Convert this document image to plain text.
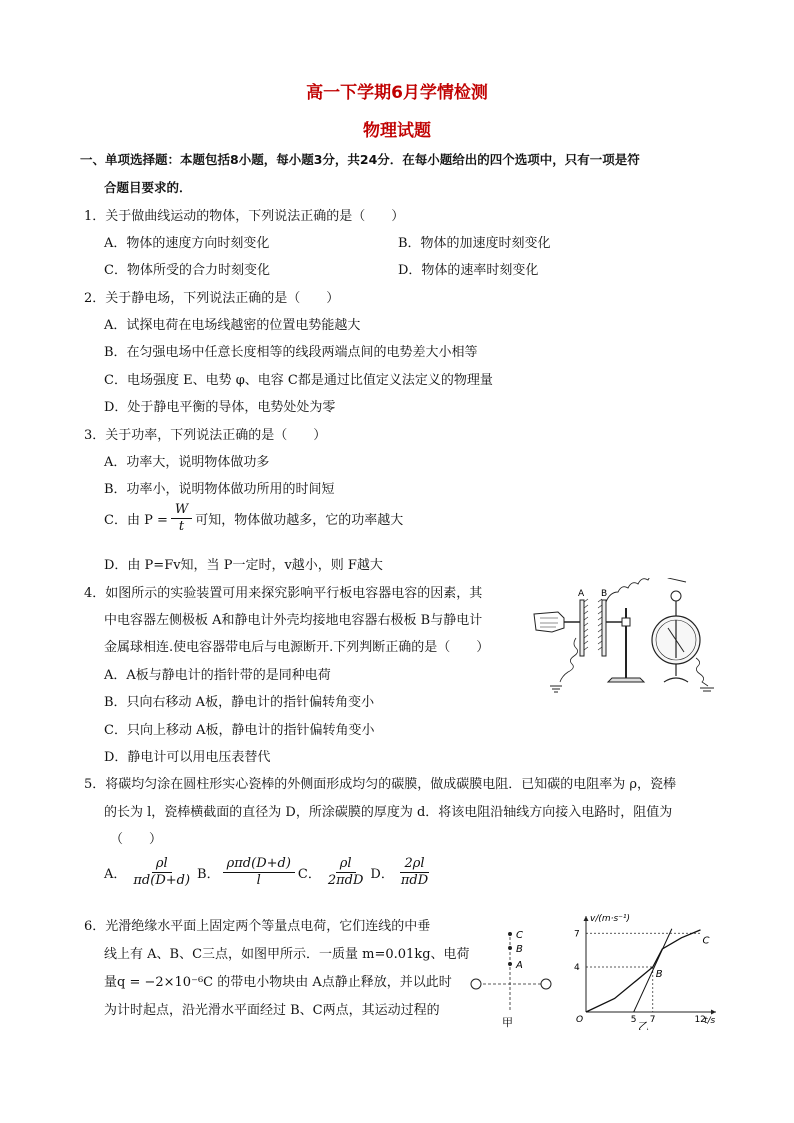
高一下学期6月学情检测
物理试题
一、单项选择题：本题包括8小题，每小题3分，共24分．在每小题给出的四个选项中，只有一项是符
合题目要求的．
1．关于做曲线运动的物体，下列说法正确的是（　　）
A．物体的速度方向时刻变化	B．物体的加速度时刻变化
C．物体所受的合力时刻变化	D．物体的速率时刻变化
2．关于静电场，下列说法正确的是（　　）
A．试探电荷在电场线越密的位置电势能越大
B．在匀强电场中任意长度相等的线段两端点间的电势差大小相等
C．电场强度 E、电势 φ、电容 C都是通过比值定义法定义的物理量
D．处于静电平衡的导体，电势处处为零
3．关于功率，下列说法正确的是（　　）
A．功率大，说明物体做功多
B．功率小，说明物体做功所用的时间短
C．由 $P = \frac{W}{t}$ 可知，物体做功越多，它的功率越大
D．由 P=Fv知，当 P一定时，v越小，则 F越大
4．如图所示的实验装置可用来探究影响平行板电容器电容的因素，其
中电容器左侧极板 A和静电计外壳均接地电容器右极板 B与静电计
金属球相连.使电容器带电后与电源断开.下列判断正确的是（　　）
A．A板与静电计的指针带的是同种电荷
B．只向右移动 A板，静电计的指针偏转角变小
C．只向上移动 A板，静电计的指针偏转角变小
D．静电计可以用电压表替代
A B
5．将碳均匀涂在圆柱形实心瓷棒的外侧面形成均匀的碳膜，做成碳膜电阻．已知碳的电阻率为 ρ，瓷棒
的长为 l，瓷棒横截面的直径为 D，所涂碳膜的厚度为 d．将该电阻沿轴线方向接入电路时，阻值为
（　　）
A． $\frac{\rho l}{\pi d(D+d)}$ B． $\frac{\text{ρπd(D+d)}}{l}$ C． $\frac{\rho l}{\text{2πdD}}$ D． $\frac{2\rho l}{\text{πdD}}$
6．光滑绝缘水平面上固定两个等量点电荷，它们连线的中垂
线上有 A、B、C三点，如图甲所示．一质量 m=0.01kg、电荷
量q = −2×10⁻⁶C 的带电小物块由 A点静止释放，并以此时
为计时起点，沿光滑水平面经过 B、C两点，其运动过程的
C
B
A
甲
v/(m·s⁻¹)
t/s
O
7
4
5 7	12
B
C
乙
